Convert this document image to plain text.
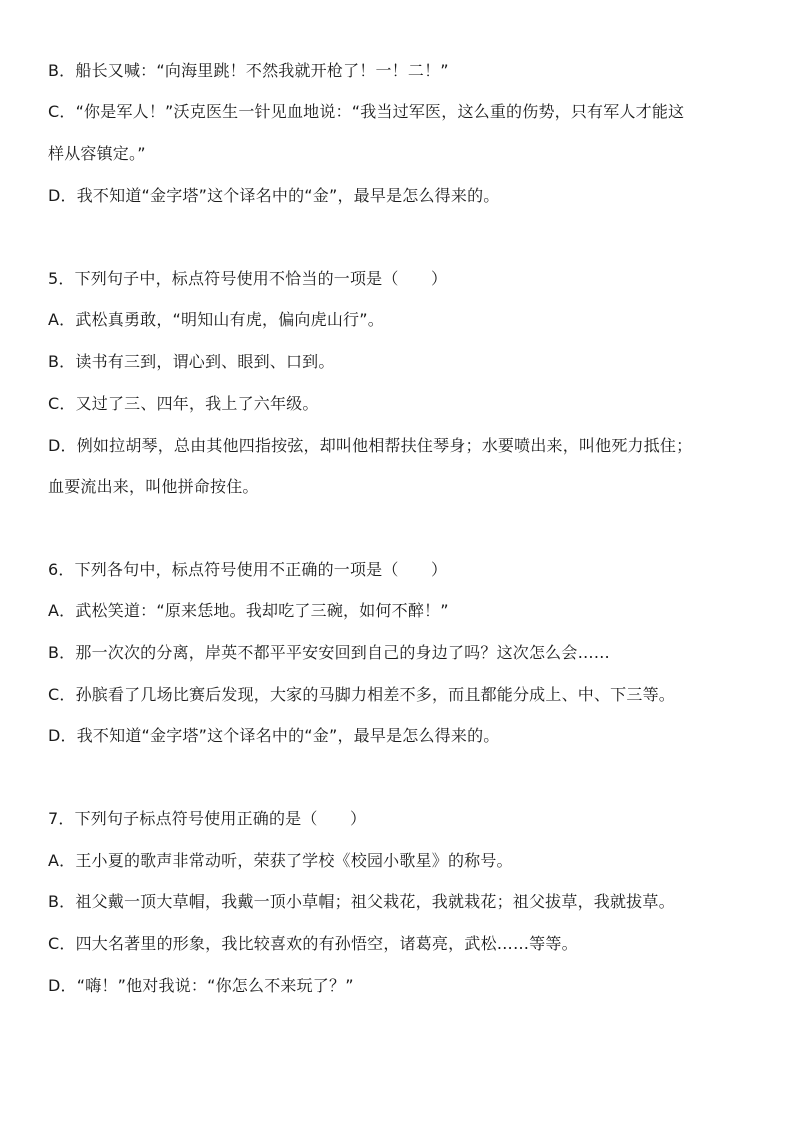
B．船长又喊：“向海里跳！不然我就开枪了！一！二！”
C．“你是军人！”沃克医生一针见血地说：“我当过军医，这么重的伤势，只有军人才能这
样从容镇定。”
D．我不知道“金字塔”这个译名中的“金”，最早是怎么得来的。
5．下列句子中，标点符号使用不恰当的一项是（　　）
A．武松真勇敢，“明知山有虎，偏向虎山行”。
B．读书有三到，谓心到、眼到、口到。
C．又过了三、四年，我上了六年级。
D．例如拉胡琴，总由其他四指按弦，却叫他相帮扶住琴身；水要喷出来，叫他死力抵住；
血要流出来，叫他拼命按住。
6．下列各句中，标点符号使用不正确的一项是（　　）
A．武松笑道：“原来恁地。我却吃了三碗，如何不醉！”
B．那一次次的分离，岸英不都平平安安回到自己的身边了吗？这次怎么会……
C．孙膑看了几场比赛后发现，大家的马脚力相差不多，而且都能分成上、中、下三等。
D．我不知道“金字塔”这个译名中的“金”，最早是怎么得来的。
7．下列句子标点符号使用正确的是（　　）
A．王小夏的歌声非常动听，荣获了学校《校园小歌星》的称号。
B．祖父戴一顶大草帽，我戴一顶小草帽；祖父栽花，我就栽花；祖父拔草，我就拔草。
C．四大名著里的形象，我比较喜欢的有孙悟空，诸葛亮，武松……等等。
D．“嗨！”他对我说：“你怎么不来玩了？”
